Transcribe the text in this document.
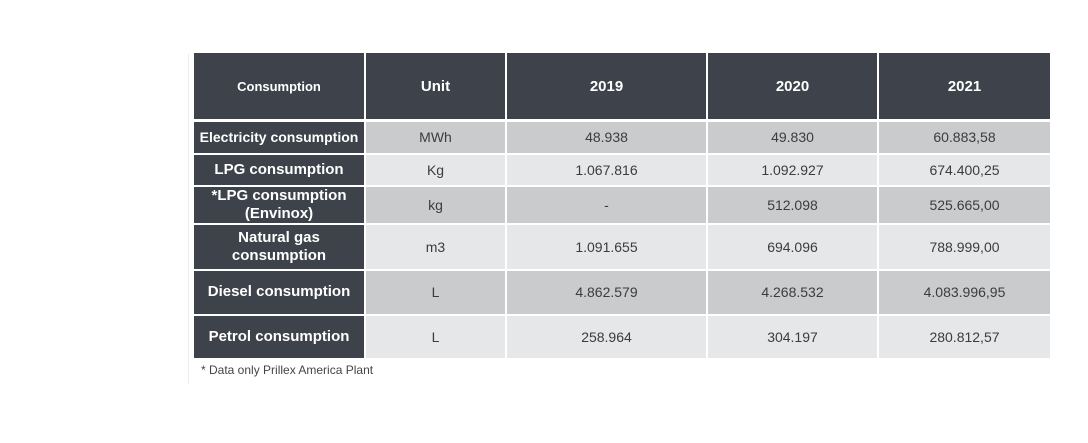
Consumption	Unit	2019	2020	2021
Electricity consumption	MWh	48.938	49.830	60.883,58
LPG consumption	Kg	1.067.816	1.092.927	674.400,25
*LPG consumption (Envinox)	kg	-	512.098	525.665,00
Natural gas consumption	m3	1.091.655	694.096	788.999,00
Diesel consumption	L	4.862.579	4.268.532	4.083.996,95
Petrol consumption	L	258.964	304.197	280.812,57
* Data only Prillex America Plant
